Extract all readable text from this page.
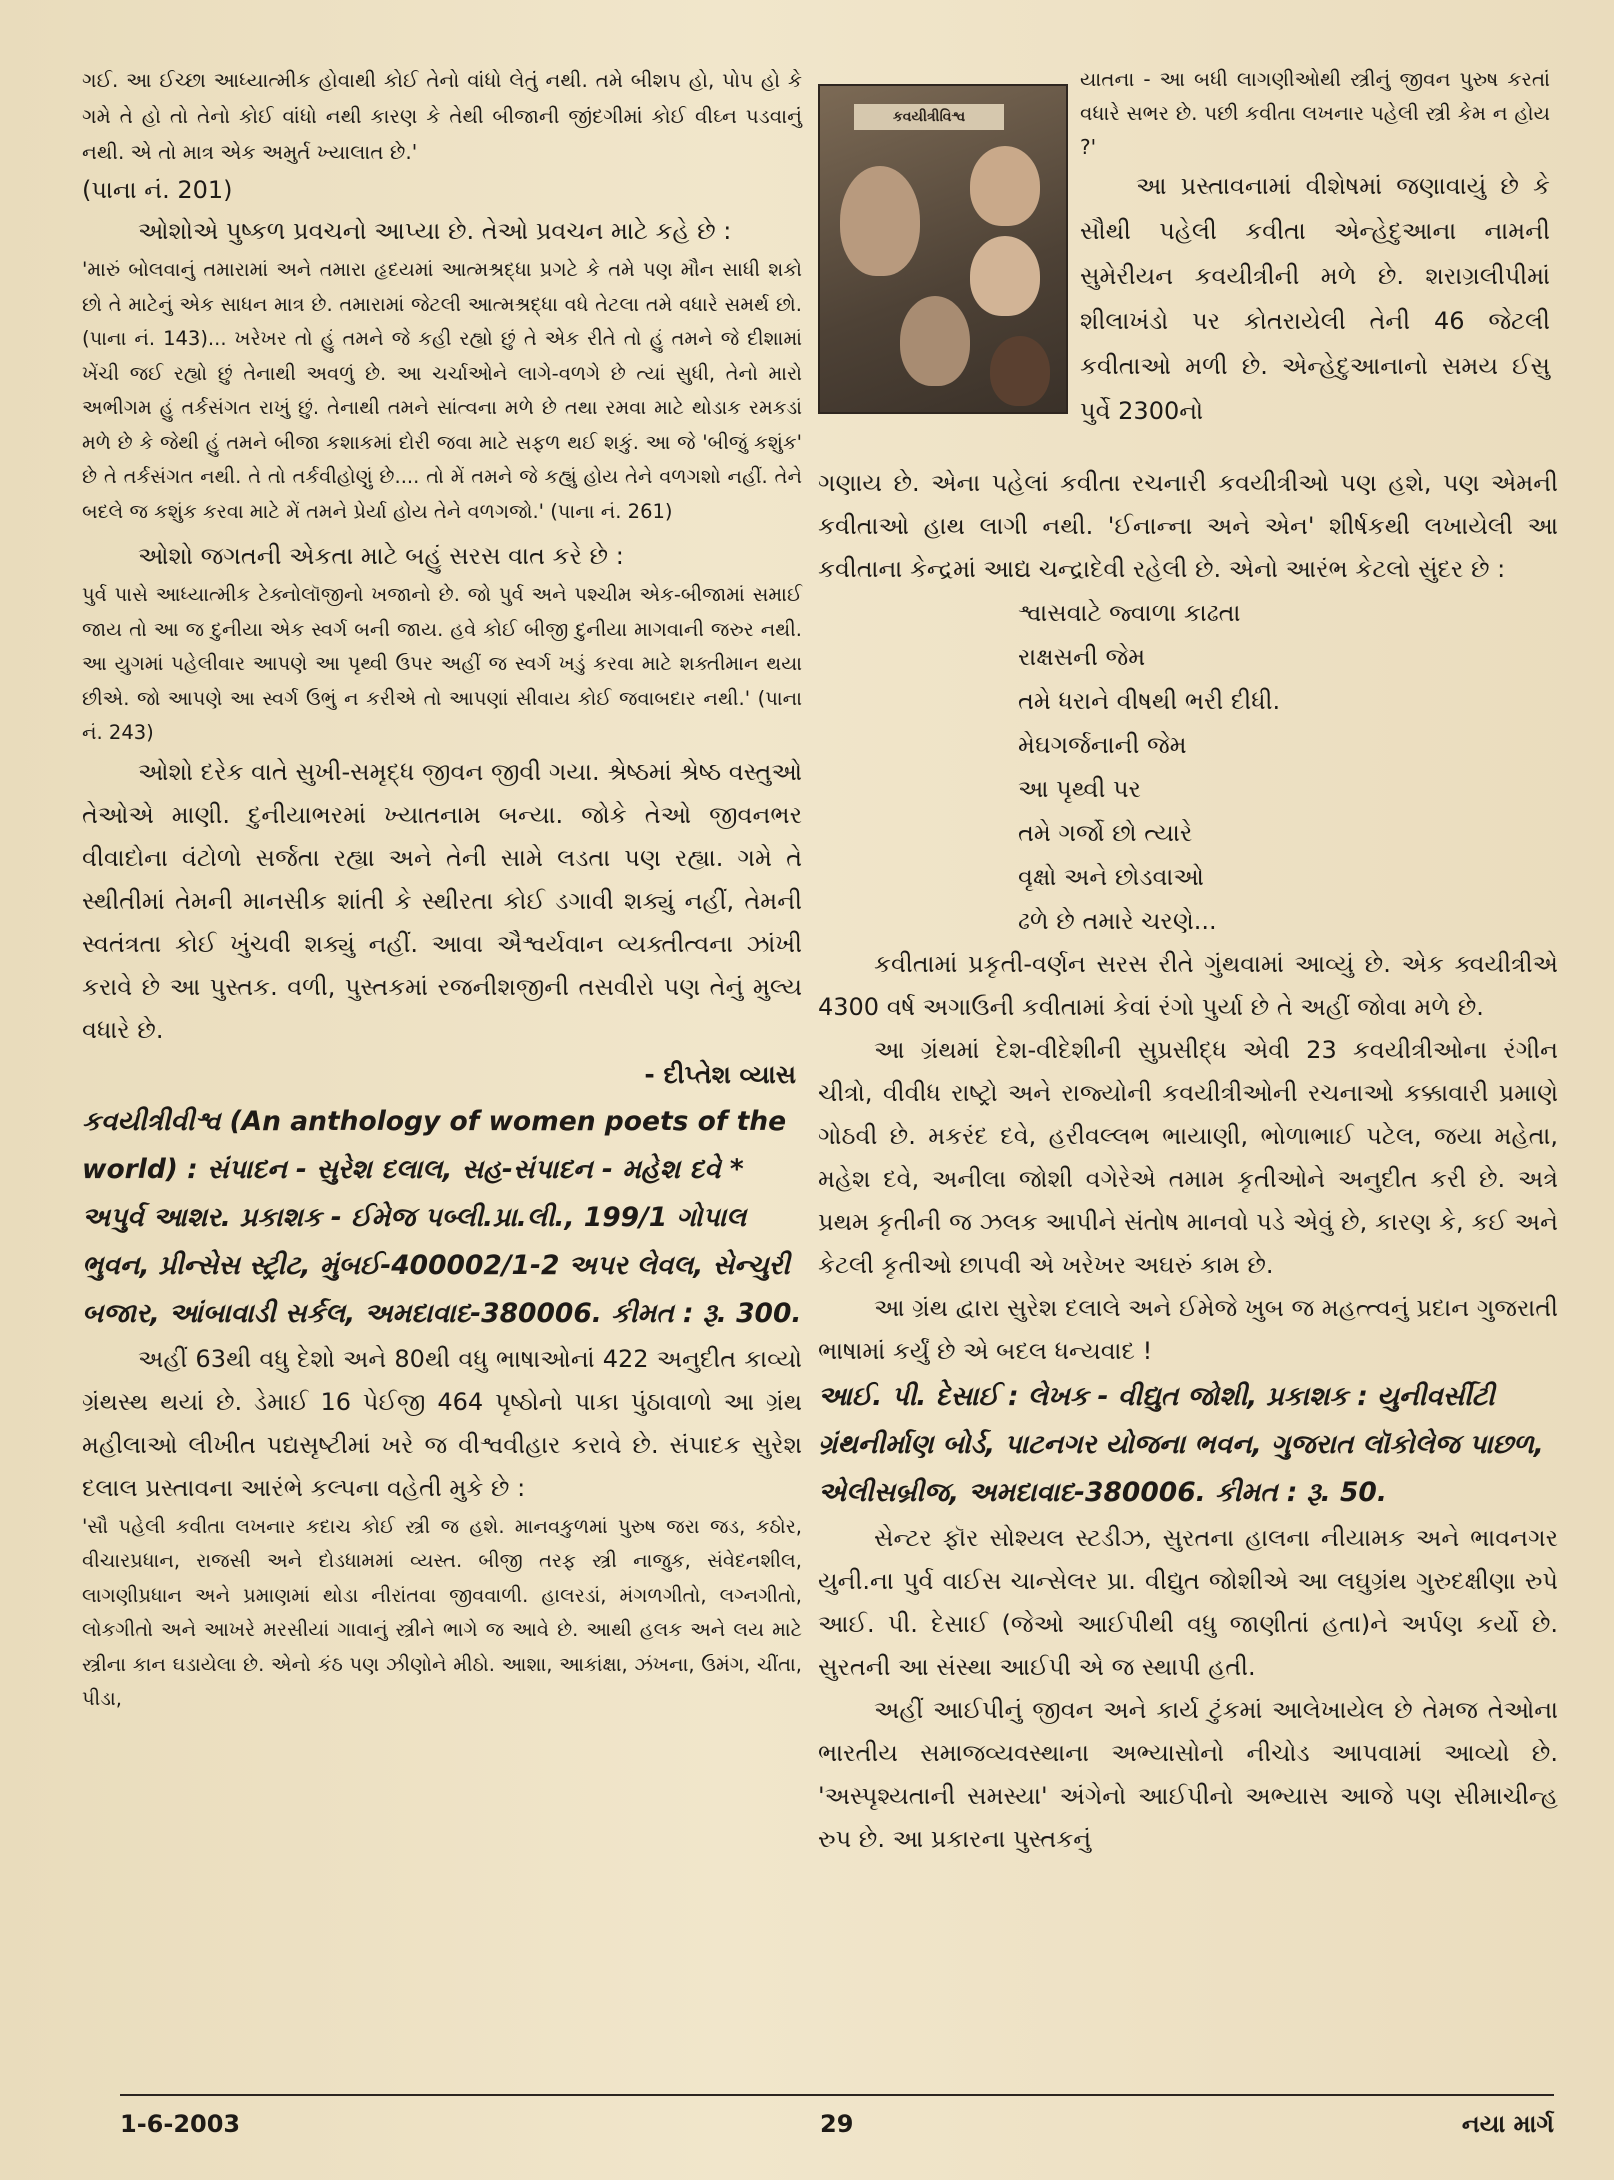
ગઈ. આ ઈચ્છા આધ્યાત્મીક હોવાથી કોઈ તેનો વાંધો લેતું નથી. તમે બીશપ હો, પોપ હો કે ગમે તે હો તો તેનો કોઈ વાંધો નથી કારણ કે તેથી બીજાની જીંદગીમાં કોઈ વીઘ્ન પડવાનું નથી. એ તો માત્ર એક અમુર્ત ખ્યાલાત છે.'

(પાના નં. 201)

ઓશોએ પુષ્કળ પ્રવચનો આપ્યા છે. તેઓ પ્રવચન માટે કહે છે :

'મારું બોલવાનું તમારામાં અને તમારા હૃદયમાં આત્મશ્રદ્ધા પ્રગટે કે તમે પણ મૌન સાધી શકો છો તે માટેનું એક સાધન માત્ર છે. તમારામાં જેટલી આત્મશ્રદ્ધા વધે તેટલા તમે વધારે સમર્થ છો. (પાના નં. 143)... ખરેખર તો હું તમને જે કહી રહ્યો છું તે એક રીતે તો હું તમને જે દીશામાં ખેંચી જઈ રહ્યો છું તેનાથી અવળું છે. આ ચર્ચાઓને લાગે-વળગે છે ત્યાં સુધી, તેનો મારો અભીગમ હું તર્કસંગત રાખું છું. તેનાથી તમને સાંત્વના મળે છે તથા રમવા માટે થોડાક રમકડાં મળે છે કે જેથી હું તમને બીજા કશાકમાં દોરી જવા માટે સફળ થઈ શકું. આ જે 'બીજું કશુંક' છે તે તર્કસંગત નથી. તે તો તર્કવીહોણું છે.... તો મેં તમને જે કહ્યું હોય તેને વળગશો નહીં. તેને બદલે જ કશુંક કરવા માટે મેં તમને પ્રેર્યા હોય તેને વળગજો.' (પાના નં. 261)

ઓશો જગતની એકતા માટે બહું સરસ વાત કરે છે :

પુર્વ પાસે આધ્યાત્મીક ટેક્નોલૉજીનો ખજાનો છે. જો પુર્વ અને પશ્ચીમ એક-બીજામાં સમાઈ જાય તો આ જ દુનીયા એક સ્વર્ગ બની જાય. હવે કોઈ બીજી દુનીયા માગવાની જરુર નથી. આ યુગમાં પહેલીવાર આપણે આ પૃથ્વી ઉપર અહીં જ સ્વર્ગ ખડું કરવા માટે શક્તીમાન થયા છીએ. જો આપણે આ સ્વર્ગ ઉભું ન કરીએ તો આપણાં સીવાય કોઈ જવાબદાર નથી.' (પાના નં. 243)

ઓશો દરેક વાતે સુખી-સમૃદ્ધ જીવન જીવી ગયા. શ્રેષ્ઠમાં શ્રેષ્ઠ વસ્તુઓ તેઓએ માણી. દુનીયાભરમાં ખ્યાતનામ બન્યા. જોકે તેઓ જીવનભર વીવાદોના વંટોળો સર્જતા રહ્યા અને તેની સામે લડતા પણ રહ્યા. ગમે તે સ્થીતીમાં તેમની માનસીક શાંતી કે સ્થીરતા કોઈ ડગાવી શક્યું નહીં, તેમની સ્વતંત્રતા કોઈ ખુંચવી શક્યું નહીં. આવા ઐશ્વર્યવાન વ્યક્તીત્વના ઝાંખી કરાવે છે આ પુસ્તક. વળી, પુસ્તકમાં રજનીશજીની તસવીરો પણ તેનું મુલ્ય વધારે છે.

- દીપ્તેશ વ્યાસ

કવયીત્રીવીશ્વ (An anthology of women poets of the world) : સંપાદન - સુરેશ દલાલ, સહ-સંપાદન - મહેશ દવે * અપુર્વ આશર. પ્રકાશક - ઈમેજ પબ્લી.પ્રા.લી., 199/1 ગોપાલ ભુવન, પ્રીન્સેસ સ્ટ્રીટ, મુંબઈ-400002/1-2 અપર લેવલ, સેન્ચુરી બજાર, આંબાવાડી સર્કલ, અમદાવાદ-380006. કીમત : રૂ. 300.

અહીં 63થી વધુ દેશો અને 80થી વધુ ભાષાઓનાં 422 અનુદીત કાવ્યો ગ્રંથસ્થ થયાં છે. ડેમાઈ 16 પેઈજી 464 પૃષ્ઠોનો પાકા પુંઠાવાળો આ ગ્રંથ મહીલાઓ લીખીત પદ્યસૃષ્ટીમાં ખરે જ વીશ્વવીહાર કરાવે છે. સંપાદક સુરેશ દલાલ પ્રસ્તાવના આરંભે કલ્પના વહેતી મુકે છે :

'સૌ પહેલી કવીતા લખનાર કદાચ કોઈ સ્ત્રી જ હશે. માનવકુળમાં પુરુષ જરા જડ, કઠોર, વીચારપ્રધાન, રાજસી અને દોડધામમાં વ્યસ્ત. બીજી તરફ સ્ત્રી નાજુક, સંવેદનશીલ, લાગણીપ્રધાન અને પ્રમાણમાં થોડા નીરાંતવા જીવવાળી. હાલરડાં, મંગળગીતો, લગ્નગીતો, લોકગીતો અને આખરે મરસીયાં ગાવાનું સ્ત્રીને ભાગે જ આવે છે. આથી હલક અને લય માટે સ્ત્રીના કાન ઘડાયેલા છે. એનો કંઠ પણ ઝીણોને મીઠો. આશા, આકાંક્ષા, ઝંખના, ઉમંગ, ચીંતા, પીડા,

કવયીત્રીવિશ્વ

યાતના - આ બધી લાગણીઓથી સ્ત્રીનું જીવન પુરુષ કરતાં વધારે સભર છે. પછી કવીતા લખનાર પહેલી સ્ત્રી કેમ ન હોય ?'

આ પ્રસ્તાવનામાં વીશેષમાં જણાવાયું છે કે સૌથી પહેલી કવીતા એન્હેદુઆના નામની સુમેરીયન કવયીત્રીની મળે છે. શરાગ્રલીપીમાં શીલાખંડો પર કોતરાયેલી તેની 46 જેટલી કવીતાઓ મળી છે. એન્હેદુઆનાનો સમય ઈસુ પુર્વે 2300નો

ગણાય છે. એના પહેલાં કવીતા રચનારી કવયીત્રીઓ પણ હશે, પણ એમની કવીતાઓ હાથ લાગી નથી. 'ઈનાન્ના અને એન' શીર્ષકથી લખાયેલી આ કવીતાના કેન્દ્રમાં આદ્ય ચન્દ્રાદેવી રહેલી છે. એનો આરંભ કેટલો સુંદર છે :

શ્વાસવાટે જ્વાળા કાઢતા
રાક્ષસની જેમ
તમે ધરાને વીષથી ભરી દીધી.
મેઘગર્જનાની જેમ
આ પૃથ્વી પર
તમે ગર્જો છો ત્યારે
વૃક્ષો અને છોડવાઓ
ઢળે છે તમારે ચરણે...

કવીતામાં પ્રકૃતી-વર્ણન સરસ રીતે ગુંથવામાં આવ્યું છે. એક ક્વયીત્રીએ 4300 વર્ષ અગાઉની કવીતામાં કેવાં રંગો પુર્યા છે તે અહીં જોવા મળે છે.

આ ગ્રંથમાં દેશ-વીદેશીની સુપ્રસીદ્ધ એવી 23 કવયીત્રીઓના રંગીન ચીત્રો, વીવીધ રાષ્ટ્રો અને રાજ્યોની કવયીત્રીઓની રચનાઓ કક્કાવારી પ્રમાણે ગોઠવી છે. મકરંદ દવે, હરીવલ્લભ ભાયાણી, ભોળાભાઈ પટેલ, જયા મહેતા, મહેશ દવે, અનીલા જોશી વગેરેએ તમામ કૃતીઓને અનુદીત કરી છે. અત્રે પ્રથમ કૃતીની જ ઝલક આપીને સંતોષ માનવો પડે એવું છે, કારણ કે, કઈ અને કેટલી કૃતીઓ છાપવી એ ખરેખર અઘરું કામ છે.

આ ગ્રંથ દ્વારા સુરેશ દલાલે અને ઈમેજે ખુબ જ મહત્ત્વનું પ્રદાન ગુજરાતી ભાષામાં કર્યું છે એ બદલ ધન્યવાદ !

આઈ. પી. દેસાઈ : લેખક - વીદ્યુત જોશી, પ્રકાશક : યુનીવર્સીટી ગ્રંથનીર્માણ બોર્ડ, પાટનગર યોજના ભવન, ગુજરાત લૉકોલેજ પાછળ, એલીસબ્રીજ, અમદાવાદ-380006. કીમત : રૂ. 50.

સેન્ટર ફૉર સોશ્યલ સ્ટડીઝ, સુરતના હાલના નીયામક અને ભાવનગર યુની.ના પુર્વ વાઈસ ચાન્સેલર પ્રા. વીદ્યુત જોશીએ આ લઘુગ્રંથ ગુરુદક્ષીણા રુપે આઈ. પી. દેસાઈ (જેઓ આઈપીથી વધુ જાણીતાં હતા)ને અર્પણ કર્યો છે. સુરતની આ સંસ્થા આઈપી એ જ સ્થાપી હતી.

અહીં આઈપીનું જીવન અને કાર્ય ટુંકમાં આલેખાયેલ છે તેમજ તેઓના ભારતીય સમાજવ્યવસ્થાના અભ્યાસોનો નીચોડ આપવામાં આવ્યો છે. 'અસ્પૃશ્યતાની સમસ્યા' અંગેનો આઈપીનો અભ્યાસ આજે પણ સીમાચીન્હ રુપ છે. આ પ્રકારના પુસ્તકનું

1-6-2003	29	નયા માર્ગ
